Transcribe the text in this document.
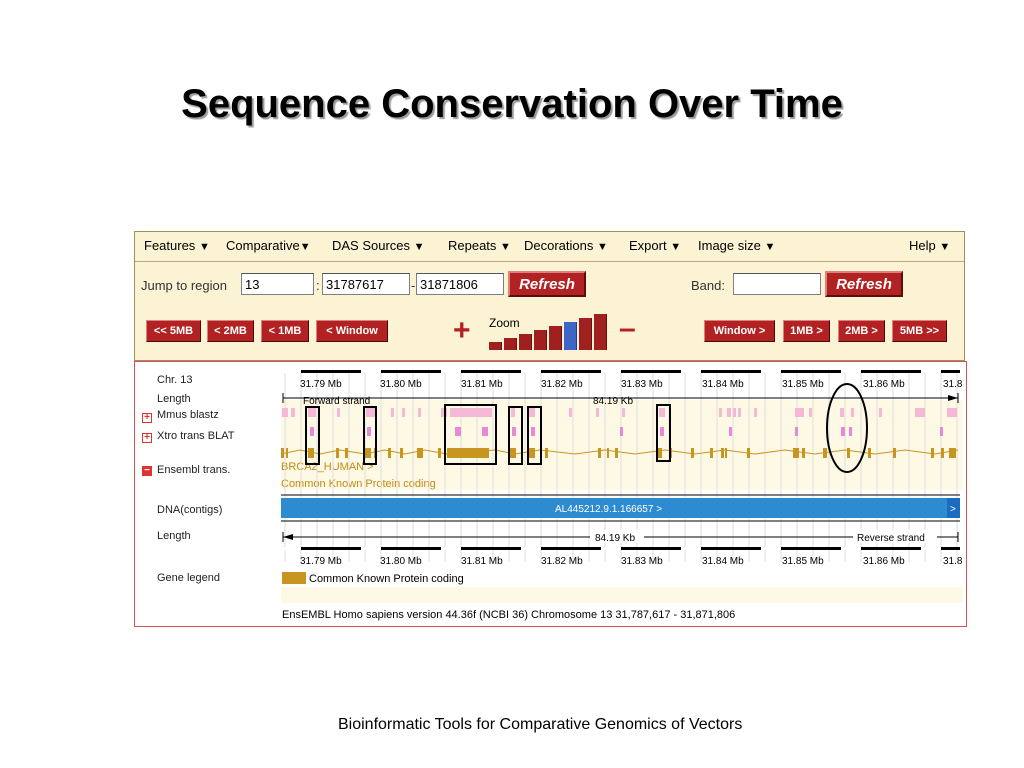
Sequence Conservation Over Time
Features ▼ Comparative▼ DAS Sources ▼ Repeats ▼ Decorations ▼ Export ▼ Image size ▼	Help ▼
Jump to region
13	:
31787617	-
31871806	Refresh	Band:	Refresh
<< 5MB	< 2MB	< 1MB	< Window	+ Zoom	–	Window >	1MB >	2MB >	5MB >>
Chr. 13
Length
+ Mmus blastz
+ Xtro trans BLAT
− Ensembl trans.
DNA(contigs)
Length
Gene legend
BRCA2_HUMAN >
Common Known Protein coding
31.79 Mb	31.80 Mb	31.81 Mb	31.82 Mb	31.83 Mb	31.84 Mb	31.85 Mb	31.86 Mb	31.8
Forward strand	84.19 Kb
AL445212.9.1.166657 >	>
84.19 Kb	Reverse strand
31.79 Mb	31.80 Mb	31.81 Mb	31.82 Mb	31.83 Mb	31.84 Mb	31.85 Mb	31.86 Mb	31.8
Common Known Protein coding
EnsEMBL Homo sapiens version 44.36f (NCBI 36) Chromosome 13 31,787,617 - 31,871,806
Bioinformatic Tools for Comparative Genomics of Vectors
